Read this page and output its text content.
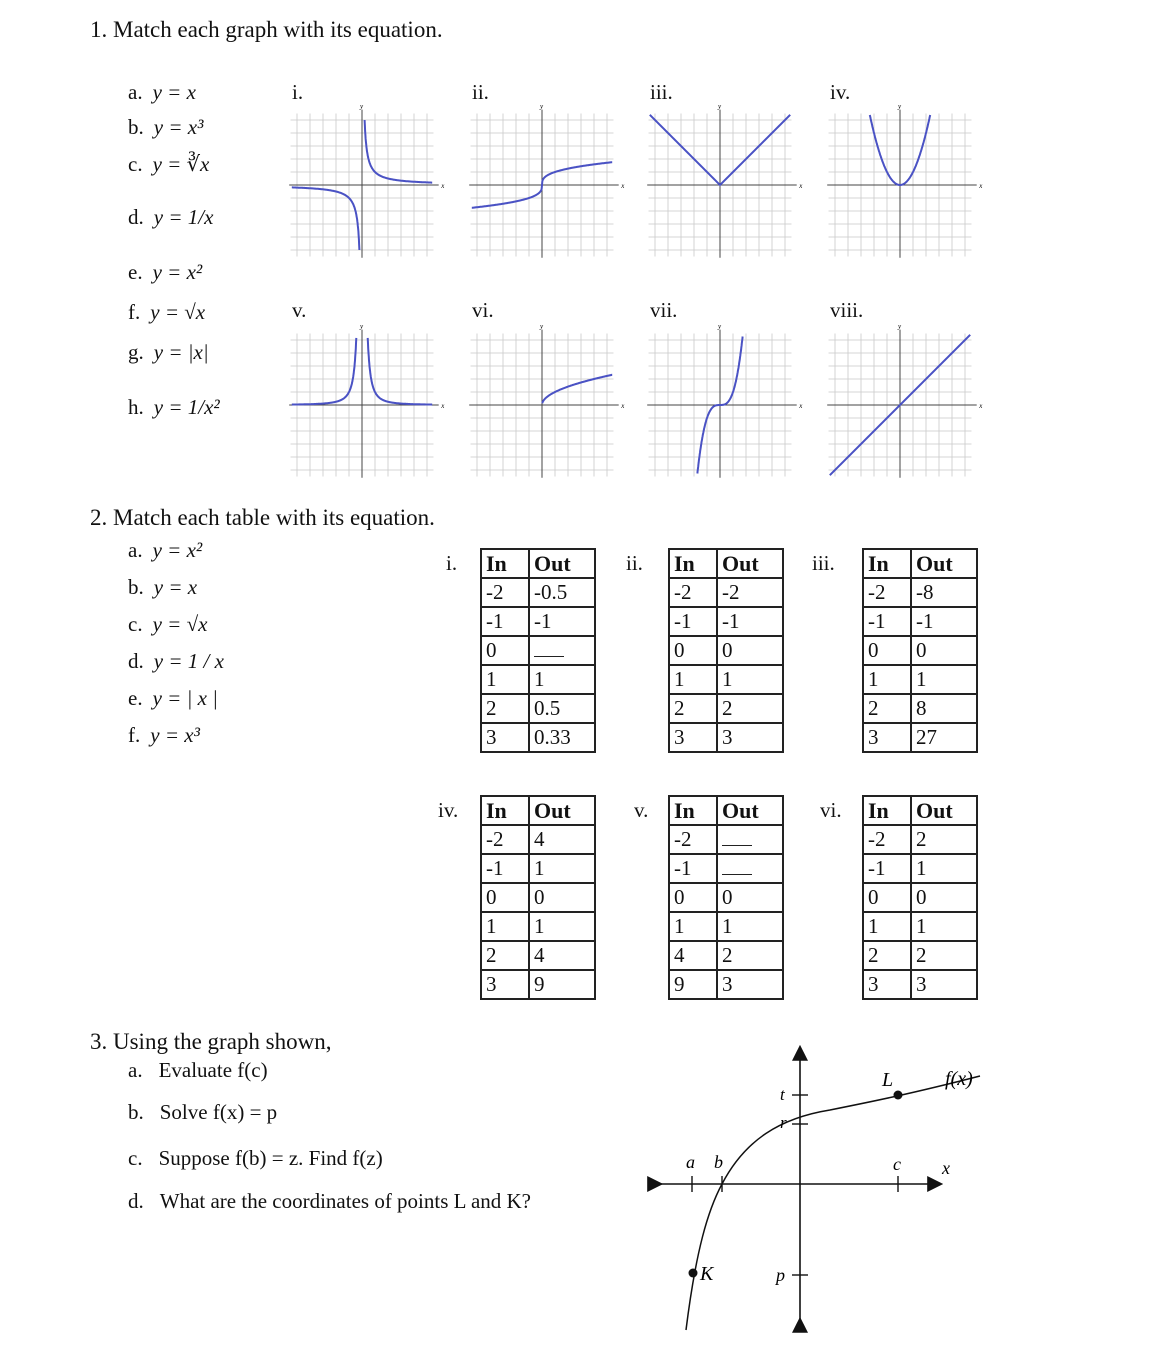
1. Match each graph with its equation.
a. y = x
b. y = x³
c. y = ∛x
d. y = 1/x
e. y = x²
f. y = √x
g. y = |x|
h. y = 1/x²
i.	ii.	iii.	iv.
v.	vi.	vii.	viii.
x
y
x
y
x
y
x
y
x
y
x
y
x
y
x
y
2. Match each table with its equation.
a. y = x²
b. y = x
c. y = √x
d. y = 1 / x
e. y = | x |
f. y = x³
i. In	Out
-2	-0.5
-1	-1
0	
1	1
2	0.5
3	0.33
ii. In	Out
-2	-2
-1	-1
0	0
1	1
2	2
3	3
iii. In	Out
-2	-8
-1	-1
0	0
1	1
2	8
3	27
iv. In	Out
-2	4
-1	1
0	0
1	1
2	4
3	9
v. In	Out
-2	
-1	
0	0
1	1
4	2
9	3
vi. In	Out
-2	2
-1	1
0	0
1	1
2	2
3	3
3. Using the graph shown,
a. Evaluate f(c)
b. Solve f(x) = p
c. Suppose f(b) = z. Find f(z)
d. What are the coordinates of points L and K?
f(x)
L
x
K
a b	c
t
r
p
